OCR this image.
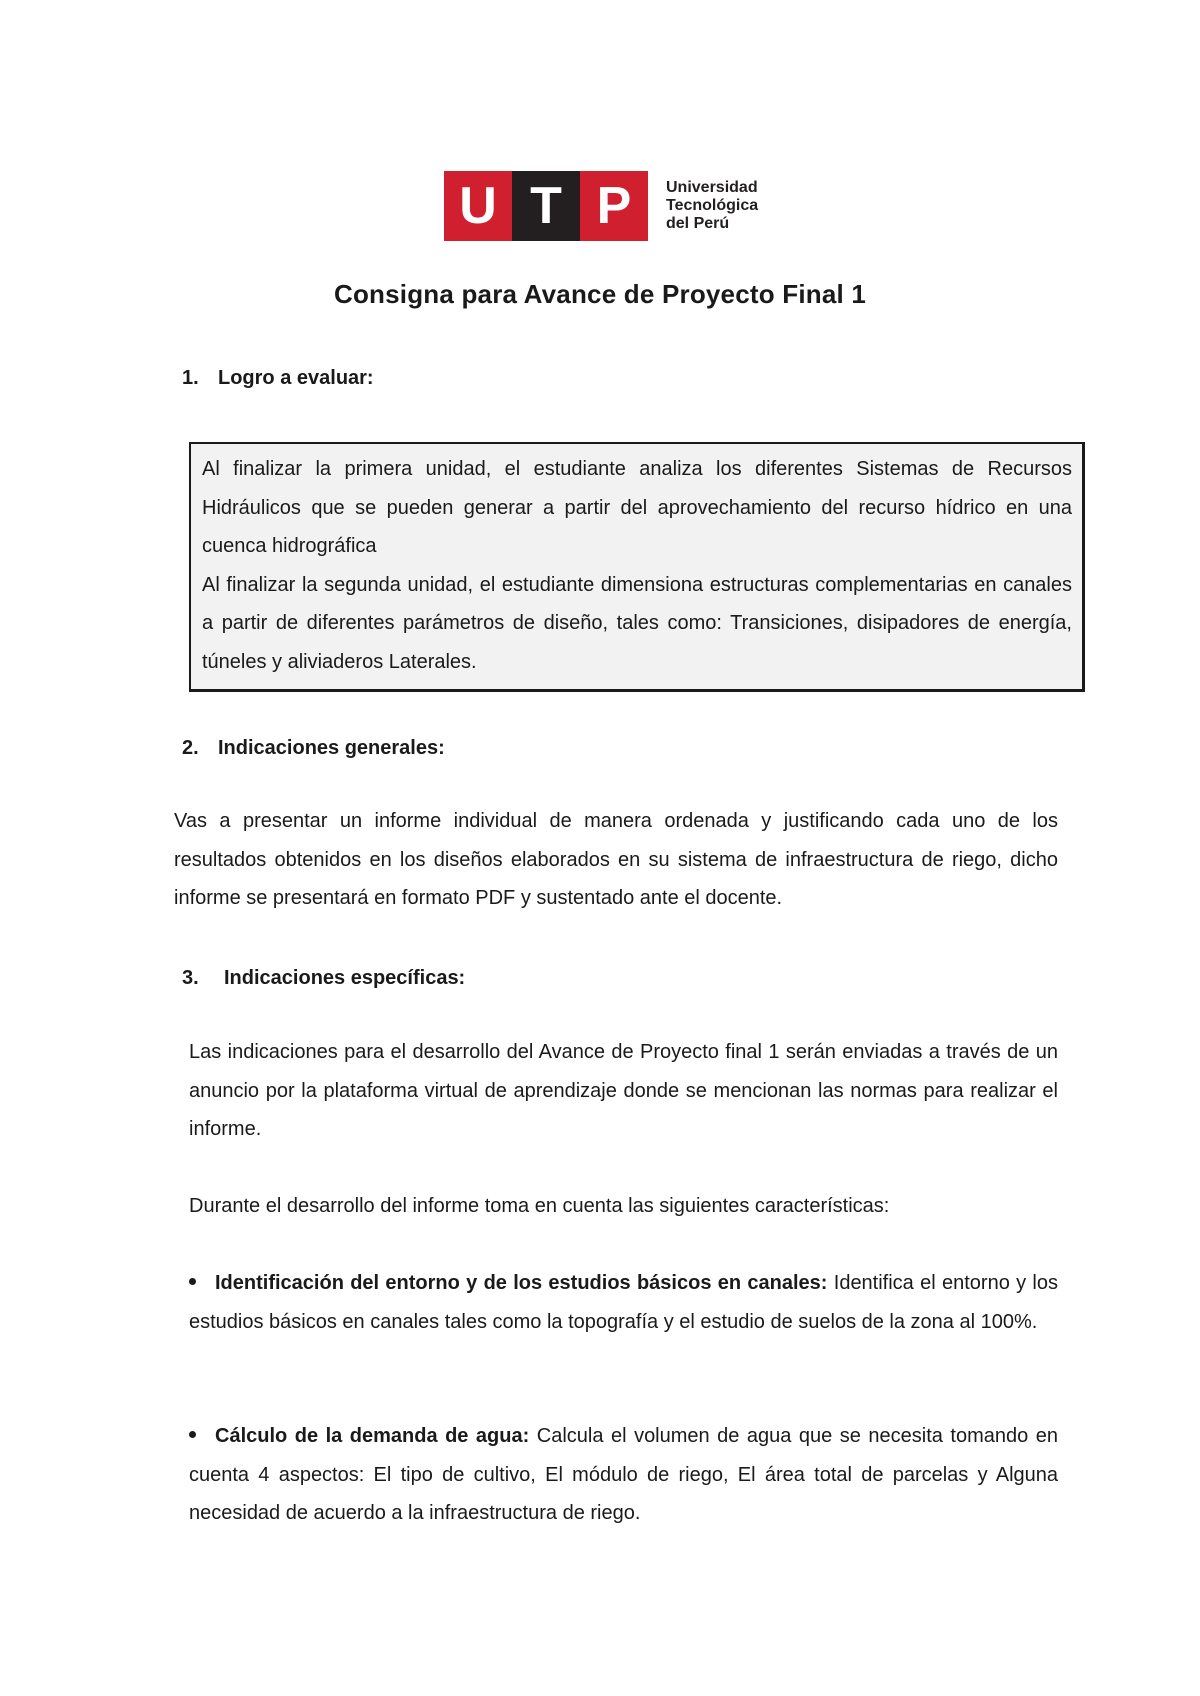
U T P	Universidad
Tecnológica
del Perú
Consigna para Avance de Proyecto Final 1
1. Logro a evaluar:

Al finalizar la primera unidad, el estudiante analiza los diferentes Sistemas de Recursos Hidráulicos que se pueden generar a partir del aprovechamiento del recurso hídrico en una cuenca hidrográfica

Al finalizar la segunda unidad, el estudiante dimensiona estructuras complementarias en canales a partir de diferentes parámetros de diseño, tales como: Transiciones, disipadores de energía, túneles y aliviaderos Laterales.

2. Indicaciones generales:

Vas a presentar un informe individual de manera ordenada y justificando cada uno de los resultados obtenidos en los diseños elaborados en su sistema de infraestructura de riego, dicho informe se presentará en formato PDF y sustentado ante el docente.

3.	Indicaciones específicas:

Las indicaciones para el desarrollo del Avance de Proyecto final 1 serán enviadas a través de un anuncio por la plataforma virtual de aprendizaje donde se mencionan las normas para realizar el informe.

Durante el desarrollo del informe toma en cuenta las siguientes características:

Identificación del entorno y de los estudios básicos en canales: Identifica el entorno y los estudios básicos en canales tales como la topografía y el estudio de suelos de la zona al 100%.

Cálculo de la demanda de agua: Calcula el volumen de agua que se necesita tomando en cuenta 4 aspectos: El tipo de cultivo, El módulo de riego, El área total de parcelas y Alguna necesidad de acuerdo a la infraestructura de riego.
